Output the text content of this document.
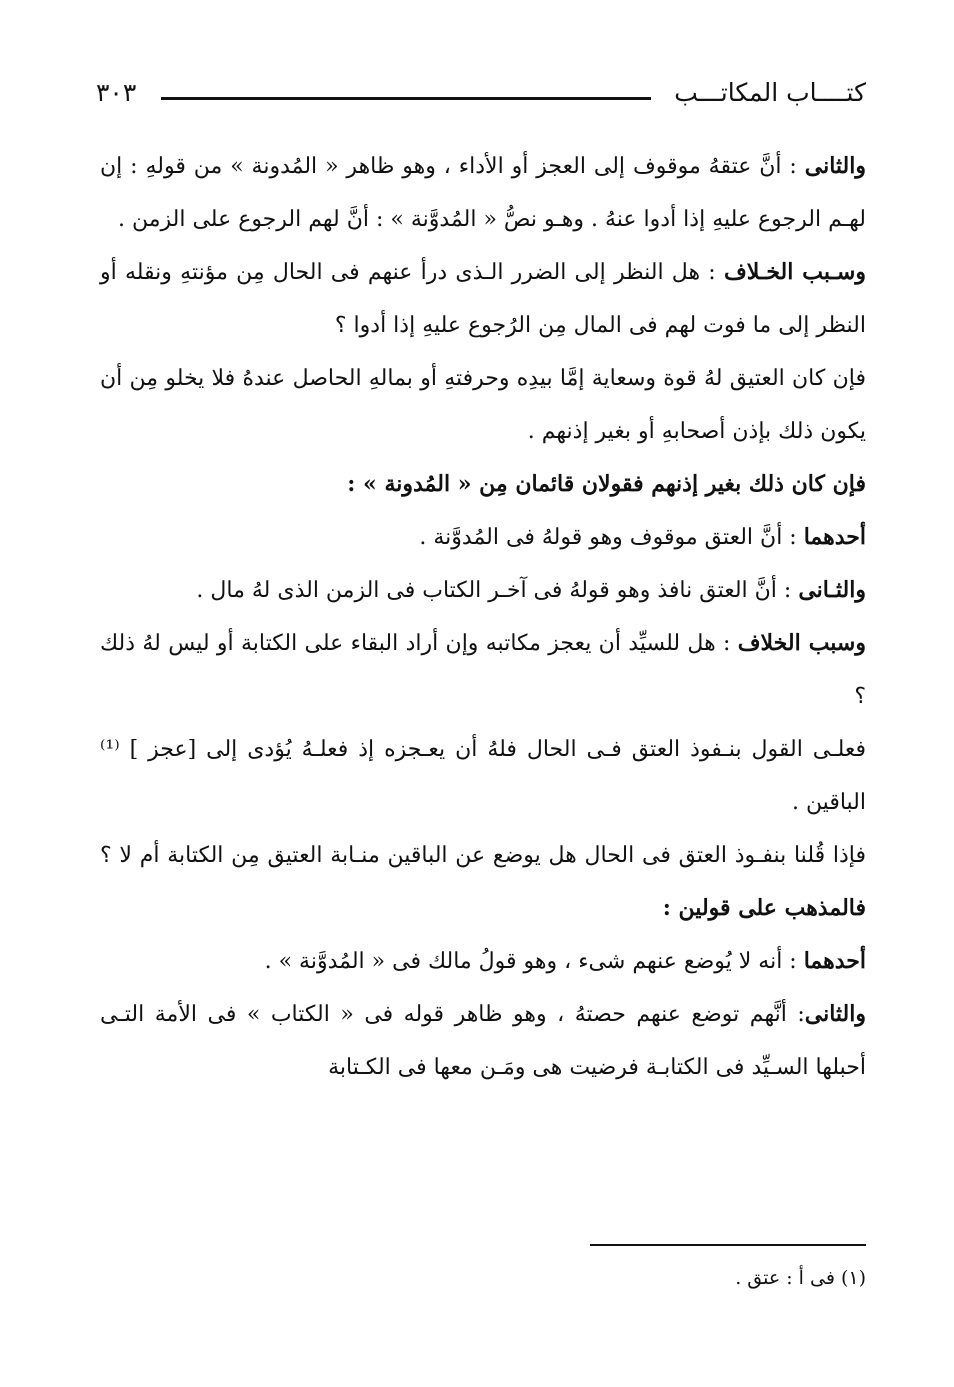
كتــــاب المكاتـــب
٣٠٣

والثانى : أنَّ عتقهُ موقوف إلى العجز أو الأداء ، وهو ظاهر « المُدونة » من قولهِ : إن لهـم الرجوع عليهِ إذا أدوا عنهُ . وهـو نصُّ « المُدوَّنة » : أنَّ لهم الرجوع على الزمن .

وسـبب الخـلاف : هل النظر إلى الضرر الـذى درأ عنهم فى الحال مِن مؤنتهِ ونقله أو النظر إلى ما فوت لهم فى المال مِن الرُجوع عليهِ إذا أدوا ؟

فإن كان العتيق لهُ قوة وسعاية إمَّا بيدِه وحرفتهِ أو بمالهِ الحاصل عندهُ فلا يخلو مِن أن يكون ذلك بإذن أصحابهِ أو بغير إذنهم .

فإن كان ذلك بغير إذنهم فقولان قائمان مِن « المُدونة » :

أحدهما : أنَّ العتق موقوف وهو قولهُ فى المُدوَّنة .

والثـانى : أنَّ العتق نافذ وهو قولهُ فى آخـر الكتاب فى الزمن الذى لهُ مال .

وسبب الخلاف : هل للسيِّد أن يعجز مكاتبه وإن أراد البقاء على الكتابة أو ليس لهُ ذلك ؟

فعلـى القول بنـفوذ العتق فـى الحال فلهُ أن يعـجزه إذ فعلـهُ يُؤدى إلى [عجز ] ⁽¹⁾ الباقين .

فإذا قُلنا بنفـوذ العتق فى الحال هل يوضع عن الباقين منـابة العتيق مِن الكتابة أم لا ؟ فالمذهب على قولين :

أحدهما : أنه لا يُوضع عنهم شىء ، وهو قولُ مالك فى « المُدوَّنة » .

والثانى: أنَّهم توضع عنهم حصتهُ ، وهو ظاهر قوله فى « الكتاب » فى الأمة التـى أحبلها السـيِّد فى الكتابـة فرضيت هى ومَـن معها فى الكـتابة

(١) فى أ : عتق .
